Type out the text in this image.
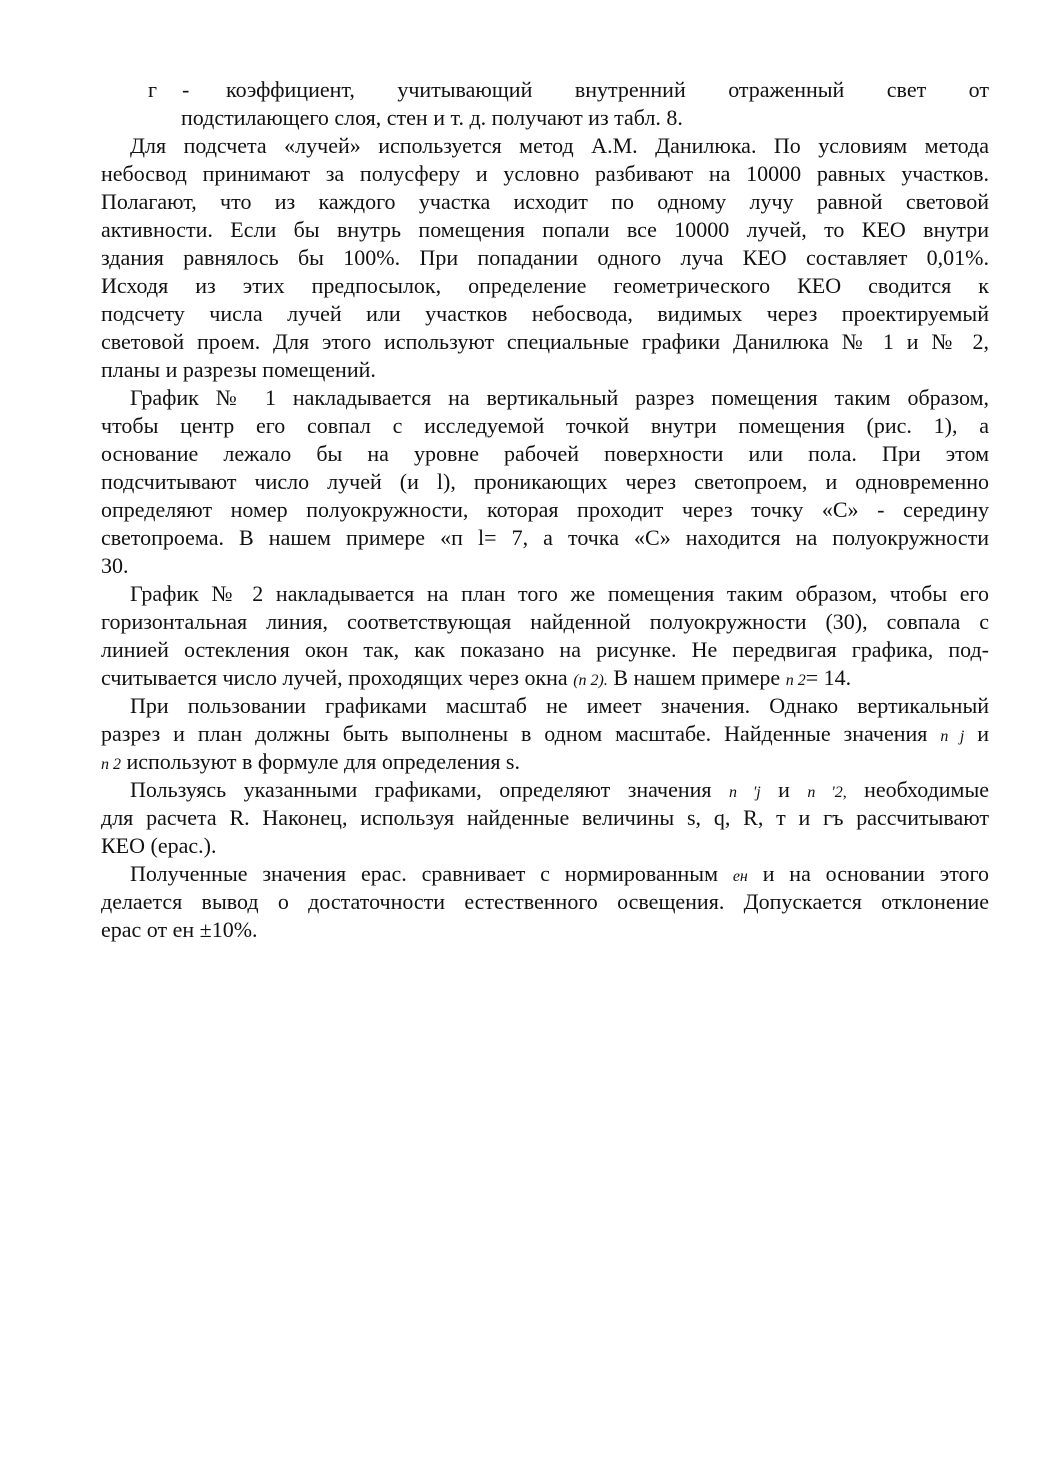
г	-	коэффициент, учитывающий внутренний отраженный свет от
подстилающего слоя, стен и т. д. получают из табл. 8.
Для подсчета «лучей» используется метод А.М. Данилюка. По условиям метода
небосвод принимают за полусферу и условно разбивают на 10000 равных участков.
Полагают, что из каждого участка исходит по одному лучу равной световой
активности. Если бы внутрь помещения попали все 10000 лучей, то КЕО внутри
здания равнялось бы 100%. При попадании одного луча КЕО составляет 0,01%.
Исходя из этих предпосылок, определение геометрического КЕО сводится к
подсчету числа лучей или участков небосвода, видимых через проектируемый
световой проем. Для этого используют специальные графики Данилюка № 1 и № 2,
планы и разрезы помещений.
График № 1 накладывается на вертикальный разрез помещения таким образом,
чтобы центр его совпал с исследуемой точкой внутри помещения (рис. 1), а
основание лежало бы на уровне рабочей поверхности или пола. При этом
подсчитывают число лучей (и l), проникающих через светопроем, и одновременно
определяют номер полуокружности, которая проходит через точку «С» - середину
светопроема. В нашем примере «п l= 7, а точка «С» находится на полуокружности
30.
График № 2 накладывается на план того же помещения таким образом, чтобы его
горизонтальная линия, соответствующая найденной полуокружности (30), совпала с
линией остекления окон так, как показано на рисунке. Не передвигая графика, под-
считывается число лучей, проходящих через окна (п 2). В нашем примере п 2= 14.
При пользовании графиками масштаб не имеет значения. Однако вертикальный
разрез и план должны быть выполнены в одном масштабе. Найденные значения п j и
п 2 используют в формуле для определения s.
Пользуясь указанными графиками, определяют значения п 'j и п '2, необходимые
для расчета R. Наконец, используя найденные величины s, q, R, т и гъ рассчитывают
КЕО (ерас.).
Полученные значения ерас. сравнивает с нормированным ен и на основании этого
делается вывод о достаточности естественного освещения. Допускается отклонение
ерас от ен ±10%.
